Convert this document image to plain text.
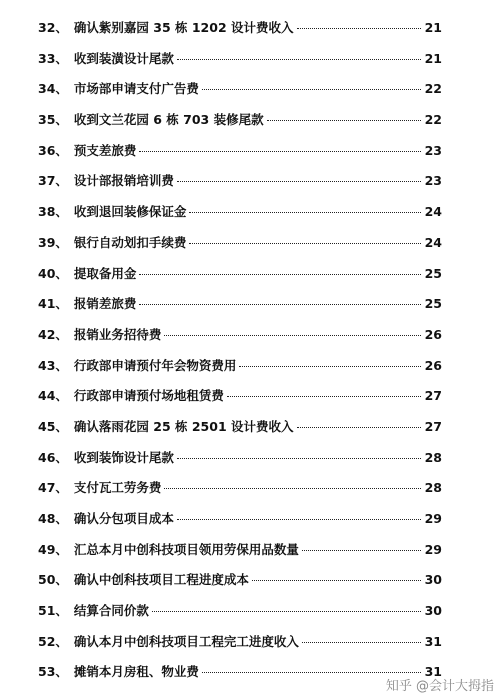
32、 确认紫别嘉园 35 栋 1202 设计费收入	21
33、 收到装潢设计尾款	21
34、 市场部申请支付广告费	22
35、 收到文兰花园 6 栋 703 装修尾款	22
36、 预支差旅费	23
37、 设计部报销培训费	23
38、 收到退回装修保证金	24
39、 银行自动划扣手续费	24
40、 提取备用金	25
41、 报销差旅费	25
42、 报销业务招待费	26
43、 行政部申请预付年会物资费用	26
44、 行政部申请预付场地租赁费	27
45、 确认落雨花园 25 栋 2501 设计费收入	27
46、 收到装饰设计尾款	28
47、 支付瓦工劳务费	28
48、 确认分包项目成本	29
49、 汇总本月中创科技项目领用劳保用品数量	29
50、 确认中创科技项目工程进度成本	30
51、 结算合同价款	30
52、 确认本月中创科技项目工程完工进度收入	31
53、 摊销本月房租、物业费	31
知乎 @会计大拇指
